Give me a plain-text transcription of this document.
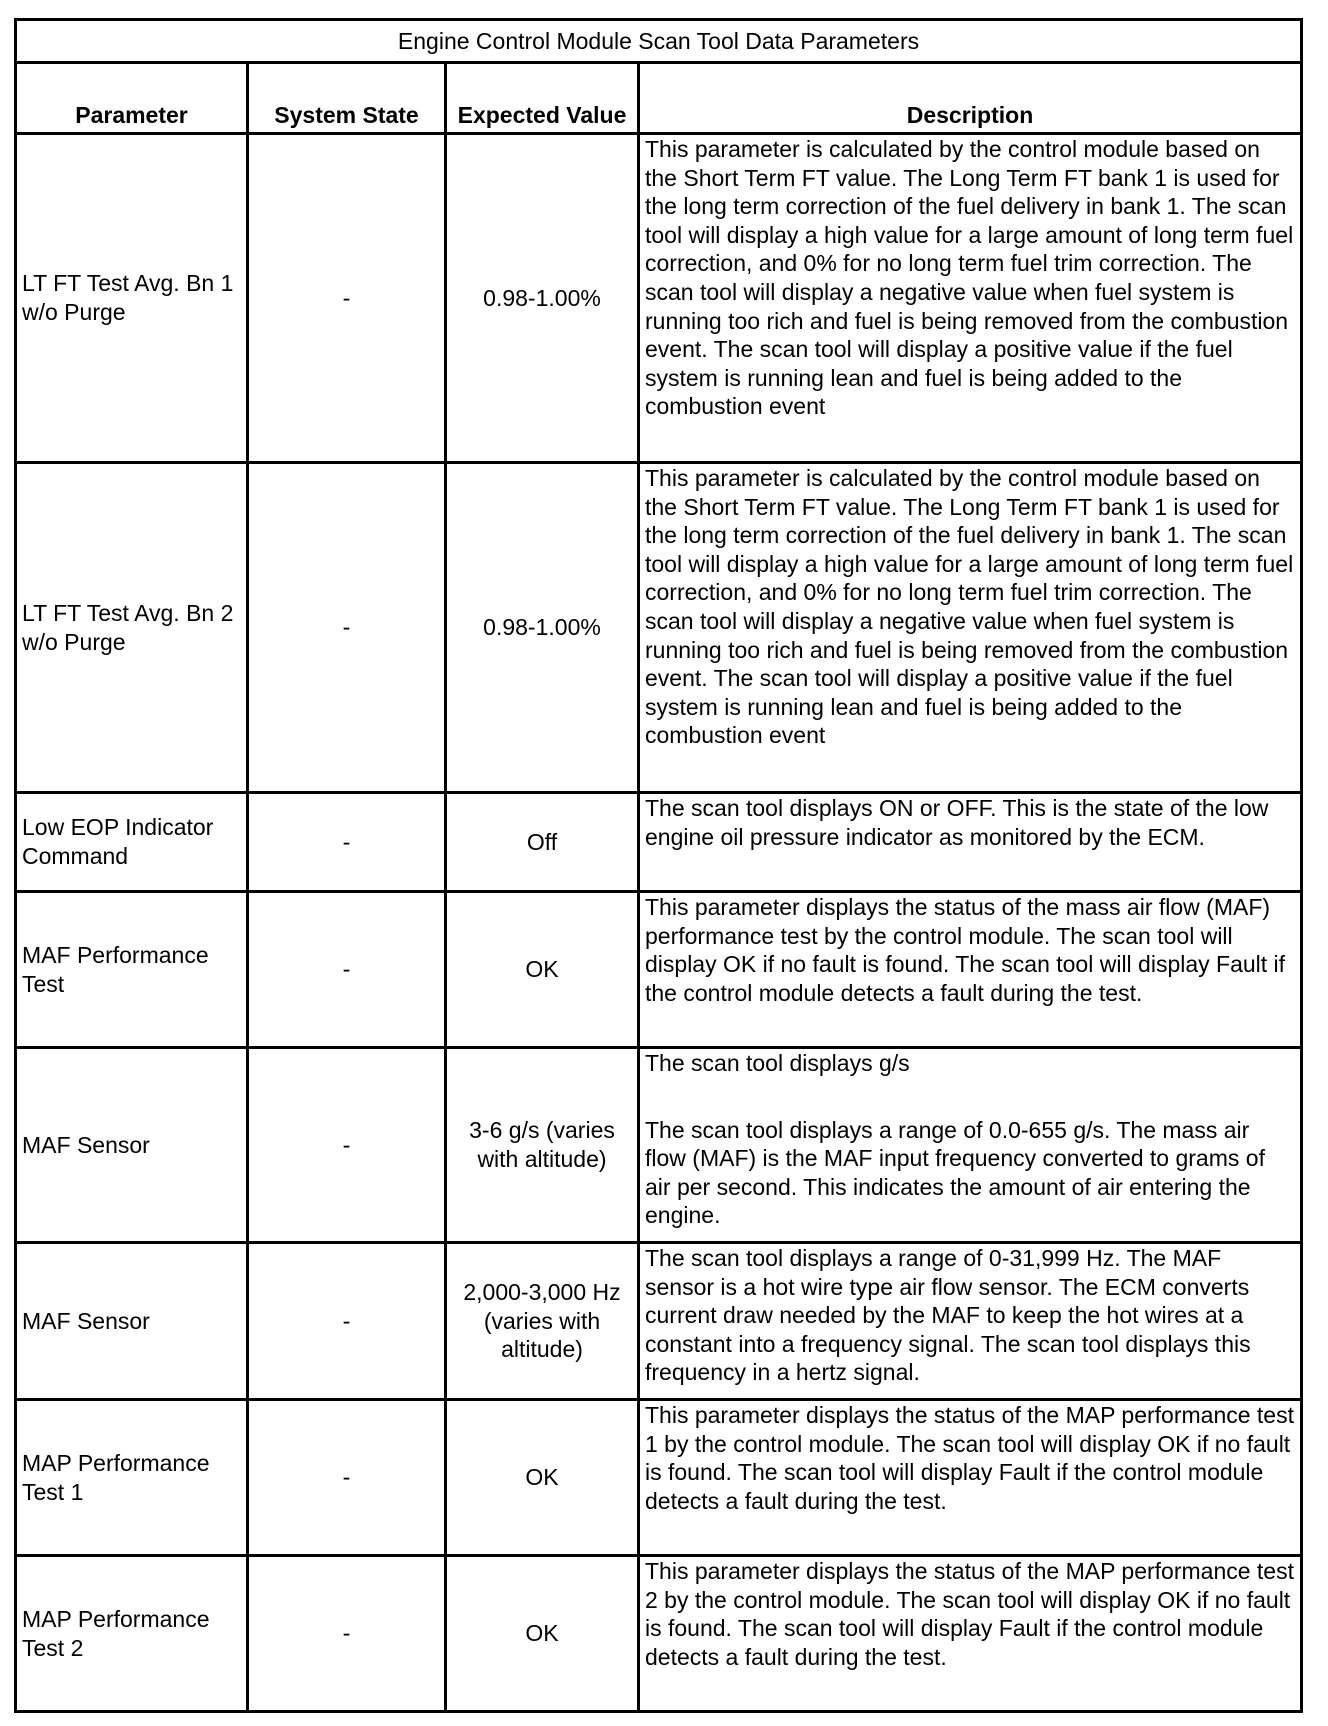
Engine Control Module Scan Tool Data Parameters			
Parameter	System State	Expected Value	Description
LT FT Test Avg. Bn 1 w/o Purge	-	0.98-1.00%	This parameter is calculated by the control module based on the Short Term FT value. The Long Term FT bank 1 is used for the long term correction of the fuel delivery in bank 1. The scan tool will display a high value for a large amount of long term fuel correction, and 0% for no long term fuel trim correction. The scan tool will display a negative value when fuel system is running too rich and fuel is being removed from the combustion event. The scan tool will display a positive value if the fuel system is running lean and fuel is being added to the combustion event
LT FT Test Avg. Bn 2 w/o Purge	-	0.98-1.00%	This parameter is calculated by the control module based on the Short Term FT value. The Long Term FT bank 1 is used for the long term correction of the fuel delivery in bank 1. The scan tool will display a high value for a large amount of long term fuel correction, and 0% for no long term fuel trim correction. The scan tool will display a negative value when fuel system is running too rich and fuel is being removed from the combustion event. The scan tool will display a positive value if the fuel system is running lean and fuel is being added to the combustion event
Low EOP Indicator Command	-	Off	The scan tool displays ON or OFF. This is the state of the low engine oil pressure indicator as monitored by the ECM.
MAF Performance Test	-	OK	This parameter displays the status of the mass air flow (MAF) performance test by the control module. The scan tool will display OK if no fault is found. The scan tool will display Fault if the control module detects a fault during the test.
MAF Sensor	-	3-6 g/s (varies with altitude)	The scan tool displays g/s
The scan tool displays a range of 0.0-655 g/s. The mass air flow (MAF) is the MAF input frequency converted to grams of air per second. This indicates the amount of air entering the engine.
MAF Sensor	-	2,000-3,000 Hz (varies with altitude)	The scan tool displays a range of 0-31,999 Hz. The MAF sensor is a hot wire type air flow sensor. The ECM converts current draw needed by the MAF to keep the hot wires at a constant into a frequency signal. The scan tool displays this frequency in a hertz signal.
MAP Performance Test 1	-	OK	This parameter displays the status of the MAP performance test 1 by the control module. The scan tool will display OK if no fault is found. The scan tool will display Fault if the control module detects a fault during the test.
MAP Performance Test 2	-	OK	This parameter displays the status of the MAP performance test 2 by the control module. The scan tool will display OK if no fault is found. The scan tool will display Fault if the control module detects a fault during the test.
